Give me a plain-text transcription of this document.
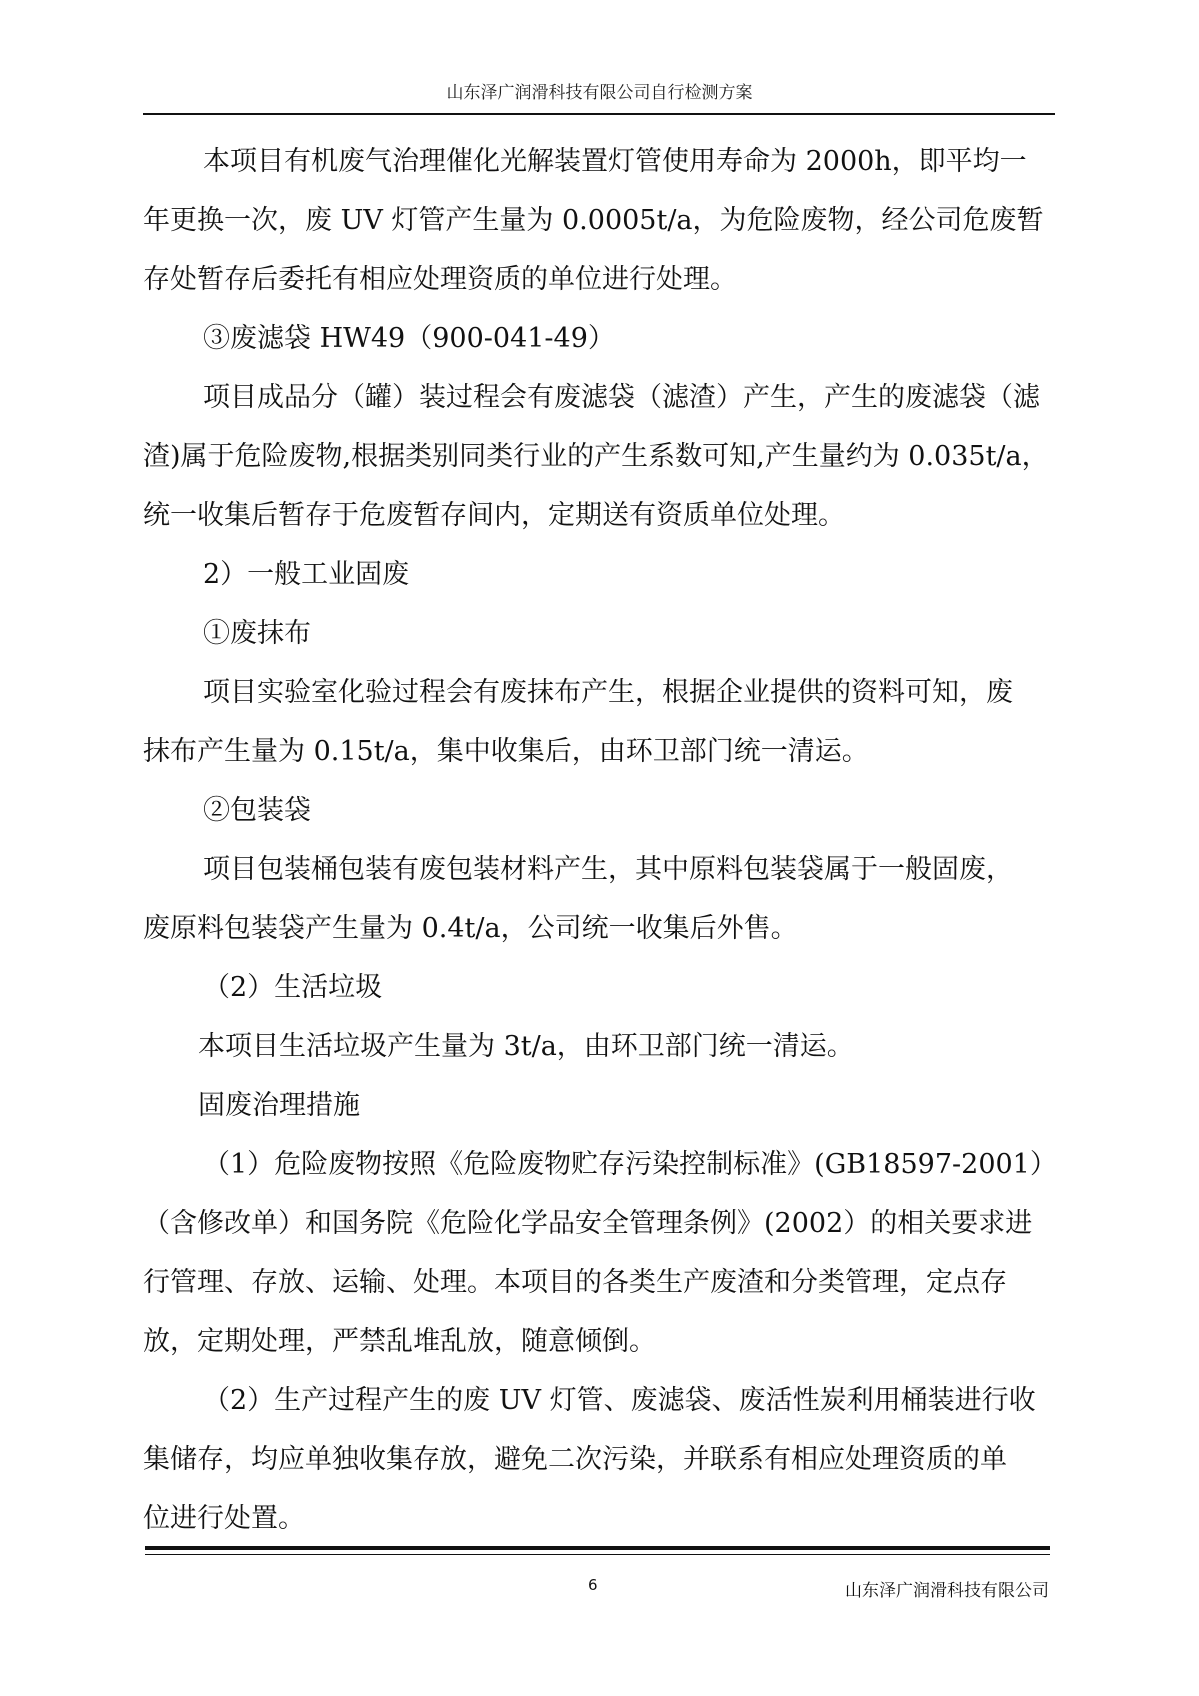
山东泽广润滑科技有限公司自行检测方案

本项目有机废气治理催化光解装置灯管使用寿命为 2000h，即平均一

年更换一次，废 UV 灯管产生量为 0.0005t/a，为危险废物，经公司危废暂

存处暂存后委托有相应处理资质的单位进行处理。

③废滤袋 HW49（900-041-49）

项目成品分（罐）装过程会有废滤袋（滤渣）产生，产生的废滤袋（滤

渣)属于危险废物,根据类别同类行业的产生系数可知,产生量约为 0.035t/a，

统一收集后暂存于危废暂存间内，定期送有资质单位处理。

2）一般工业固废

①废抹布

项目实验室化验过程会有废抹布产生，根据企业提供的资料可知，废

抹布产生量为 0.15t/a，集中收集后，由环卫部门统一清运。

②包装袋

项目包装桶包装有废包装材料产生，其中原料包装袋属于一般固废，

废原料包装袋产生量为 0.4t/a，公司统一收集后外售。

（2）生活垃圾

本项目生活垃圾产生量为 3t/a，由环卫部门统一清运。

固废治理措施

（1）危险废物按照《危险废物贮存污染控制标准》(GB18597-2001）

（含修改单）和国务院《危险化学品安全管理条例》(2002）的相关要求进

行管理、存放、运输、处理。本项目的各类生产废渣和分类管理，定点存

放，定期处理，严禁乱堆乱放，随意倾倒。

（2）生产过程产生的废 UV 灯管、废滤袋、废活性炭利用桶装进行收

集储存，均应单独收集存放，避免二次污染，并联系有相应处理资质的单

位进行处置。

6	山东泽广润滑科技有限公司
